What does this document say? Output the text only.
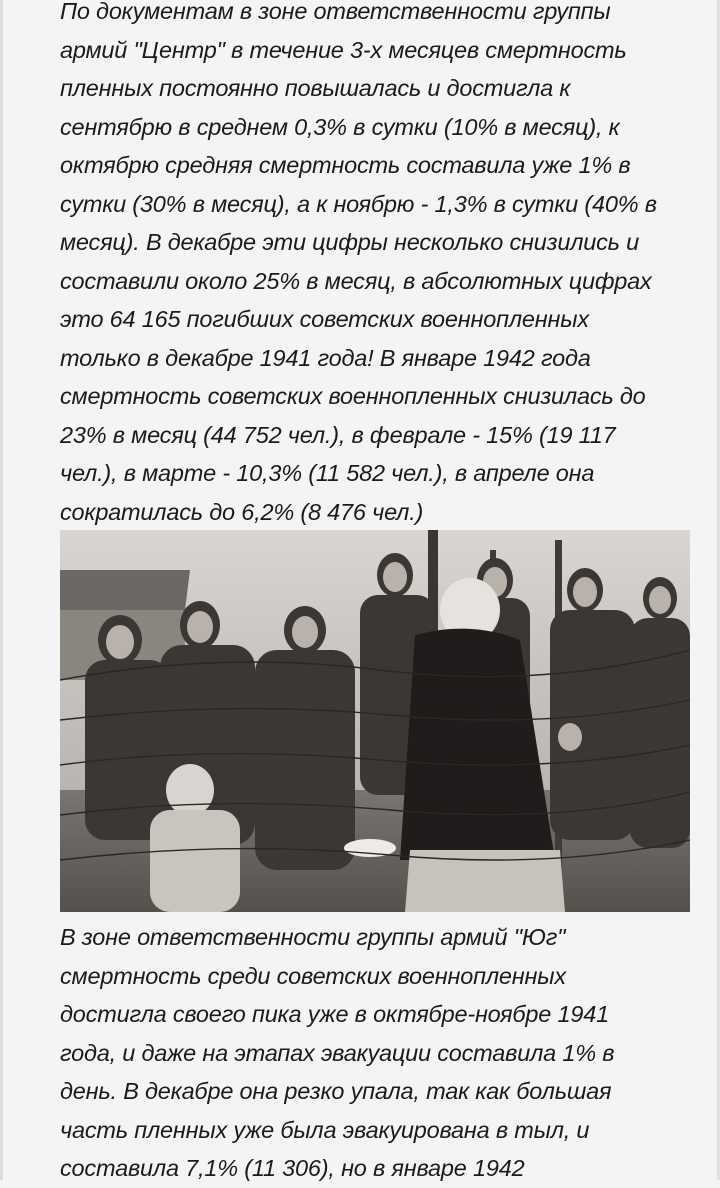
По документам в зоне ответственности группы
армий "Центр" в течение 3-х месяцев смертность
пленных постоянно повышалась и достигла к
сентябрю в среднем 0,3% в сутки (10% в месяц), к
октябрю средняя смертность составила уже 1% в
сутки (30% в месяц), а к ноябрю - 1,3% в сутки (40% в
месяц). В декабре эти цифры несколько снизились и
составили около 25% в месяц, в абсолютных цифрах
это 64 165 погибших советских военнопленных
только в декабре 1941 года! В январе 1942 года
смертность советских военнопленных снизилась до
23% в месяц (44 752 чел.), в феврале - 15% (19 117
чел.), в марте - 10,3% (11 582 чел.), в апреле она
сократилась до 6,2% (8 476 чел.)
В зоне ответственности группы армий "Юг"
смертность среди советских военнопленных
достигла своего пика уже в октябре-ноябре 1941
года, и даже на этапах эвакуации составила 1% в
день. В декабре она резко упала, так как большая
часть пленных уже была эвакуирована в тыл, и
составила 7,1% (11 306), но в январе 1942
